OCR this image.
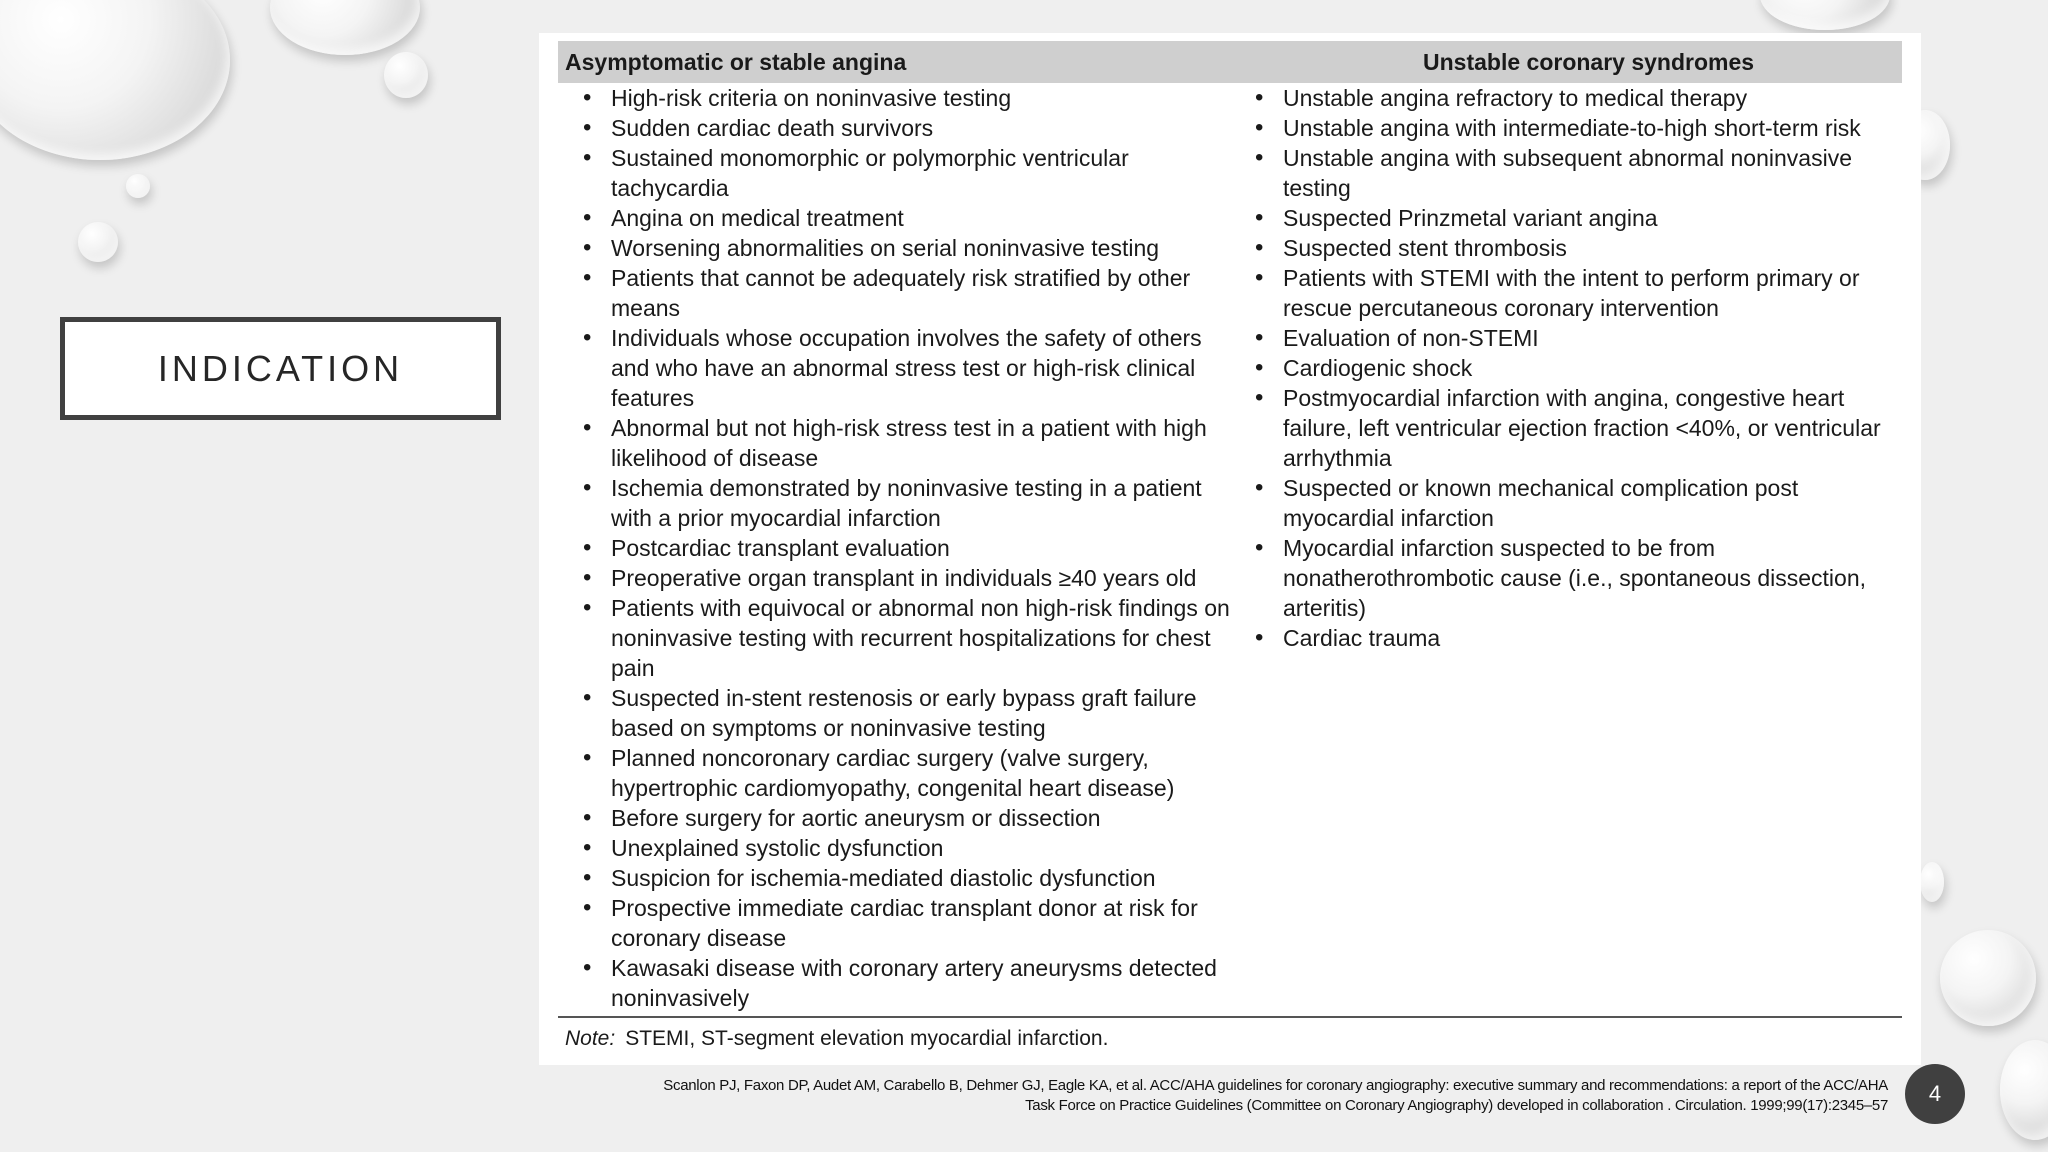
INDICATION
Asymptomatic or stable angina	Unstable coronary syndromes
• High-risk criteria on noninvasive testing
• Sudden cardiac death survivors
• Sustained monomorphic or polymorphic ventricular tachycardia
• Angina on medical treatment
• Worsening abnormalities on serial noninvasive testing
• Patients that cannot be adequately risk stratified by other means
• Individuals whose occupation involves the safety of others and who have an abnormal stress test or high-risk clinical features
• Abnormal but not high-risk stress test in a patient with high likelihood of disease
• Ischemia demonstrated by noninvasive testing in a patient with a prior myocardial infarction
• Postcardiac transplant evaluation
• Preoperative organ transplant in individuals ≥40 years old
• Patients with equivocal or abnormal non high-risk findings on noninvasive testing with recurrent hospitalizations for chest pain
• Suspected in-stent restenosis or early bypass graft failure based on symptoms or noninvasive testing
• Planned noncoronary cardiac surgery (valve surgery, hypertrophic cardiomyopathy, congenital heart disease)
• Before surgery for aortic aneurysm or dissection
• Unexplained systolic dysfunction
• Suspicion for ischemia-mediated diastolic dysfunction
• Prospective immediate cardiac transplant donor at risk for coronary disease
• Kawasaki disease with coronary artery aneurysms detected noninvasively
• Unstable angina refractory to medical therapy
• Unstable angina with intermediate-to-high short-term risk
• Unstable angina with subsequent abnormal noninvasive testing
• Suspected Prinzmetal variant angina
• Suspected stent thrombosis
• Patients with STEMI with the intent to perform primary or rescue percutaneous coronary intervention
• Evaluation of non-STEMI
• Cardiogenic shock
• Postmyocardial infarction with angina, congestive heart failure, left ventricular ejection fraction <40%, or ventricular arrhythmia
• Suspected or known mechanical complication post myocardial infarction
• Myocardial infarction suspected to be from nonatherothrombotic cause (i.e., spontaneous dissection, arteritis)
• Cardiac trauma
Note: STEMI, ST-segment elevation myocardial infarction.
Scanlon PJ, Faxon DP, Audet AM, Carabello B, Dehmer GJ, Eagle KA, et al. ACC/AHA guidelines for coronary angiography: executive summary and recommendations: a report of the ACC/AHA
Task Force on Practice Guidelines (Committee on Coronary Angiography) developed in collaboration . Circulation. 1999;99(17):2345–57 4
